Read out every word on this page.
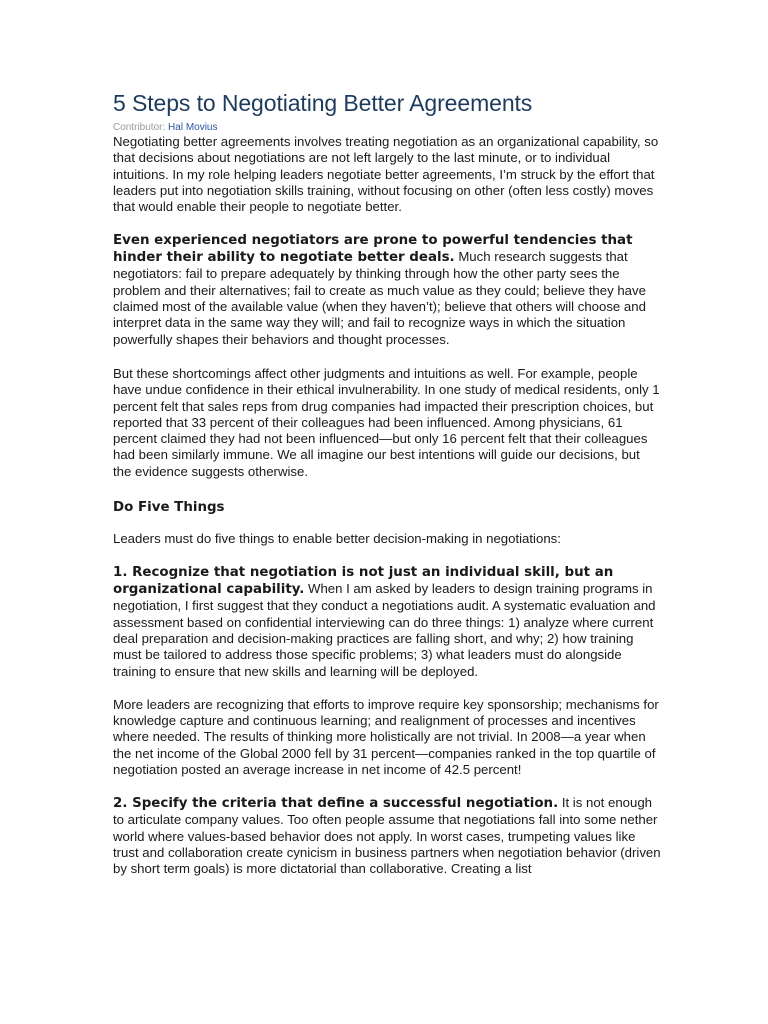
5 Steps to Negotiating Better Agreements
Contributor: Hal Movius

Negotiating better agreements involves treating negotiation as an organizational capability, so that decisions about negotiations are not left largely to the last minute, or to individual intuitions. In my role helping leaders negotiate better agreements, I’m struck by the effort that leaders put into negotiation skills training, without focusing on other (often less costly) moves that would enable their people to negotiate better.

Even experienced negotiators are prone to powerful tendencies that hinder their ability to negotiate better deals. Much research suggests that negotiators: fail to prepare adequately by thinking through how the other party sees the problem and their alternatives; fail to create as much value as they could; believe they have claimed most of the available value (when they haven’t); believe that others will choose and interpret data in the same way they will; and fail to recognize ways in which the situation powerfully shapes their behaviors and thought processes.

But these shortcomings affect other judgments and intuitions as well. For example, people have undue confidence in their ethical invulnerability. In one study of medical residents, only 1 percent felt that sales reps from drug companies had impacted their prescription choices, but reported that 33 percent of their colleagues had been influenced. Among physicians, 61 percent claimed they had not been influenced—but only 16 percent felt that their colleagues had been similarly immune. We all imagine our best intentions will guide our decisions, but the evidence suggests otherwise.

Do Five Things

Leaders must do five things to enable better decision-making in negotiations:

1. Recognize that negotiation is not just an individual skill, but an organizational capability. When I am asked by leaders to design training programs in negotiation, I first suggest that they conduct a negotiations audit. A systematic evaluation and assessment based on confidential interviewing can do three things: 1) analyze where current deal preparation and decision-making practices are falling short, and why; 2) how training must be tailored to address those specific problems; 3) what leaders must do alongside training to ensure that new skills and learning will be deployed.

More leaders are recognizing that efforts to improve require key sponsorship; mechanisms for knowledge capture and continuous learning; and realignment of processes and incentives where needed. The results of thinking more holistically are not trivial. In 2008—a year when the net income of the Global 2000 fell by 31 percent—companies ranked in the top quartile of negotiation posted an average increase in net income of 42.5 percent!

2. Specify the criteria that define a successful negotiation. It is not enough to articulate company values. Too often people assume that negotiations fall into some nether world where values-based behavior does not apply. In worst cases, trumpeting values like trust and collaboration create cynicism in business partners when negotiation behavior (driven by short term goals) is more dictatorial than collaborative. Creating a list
